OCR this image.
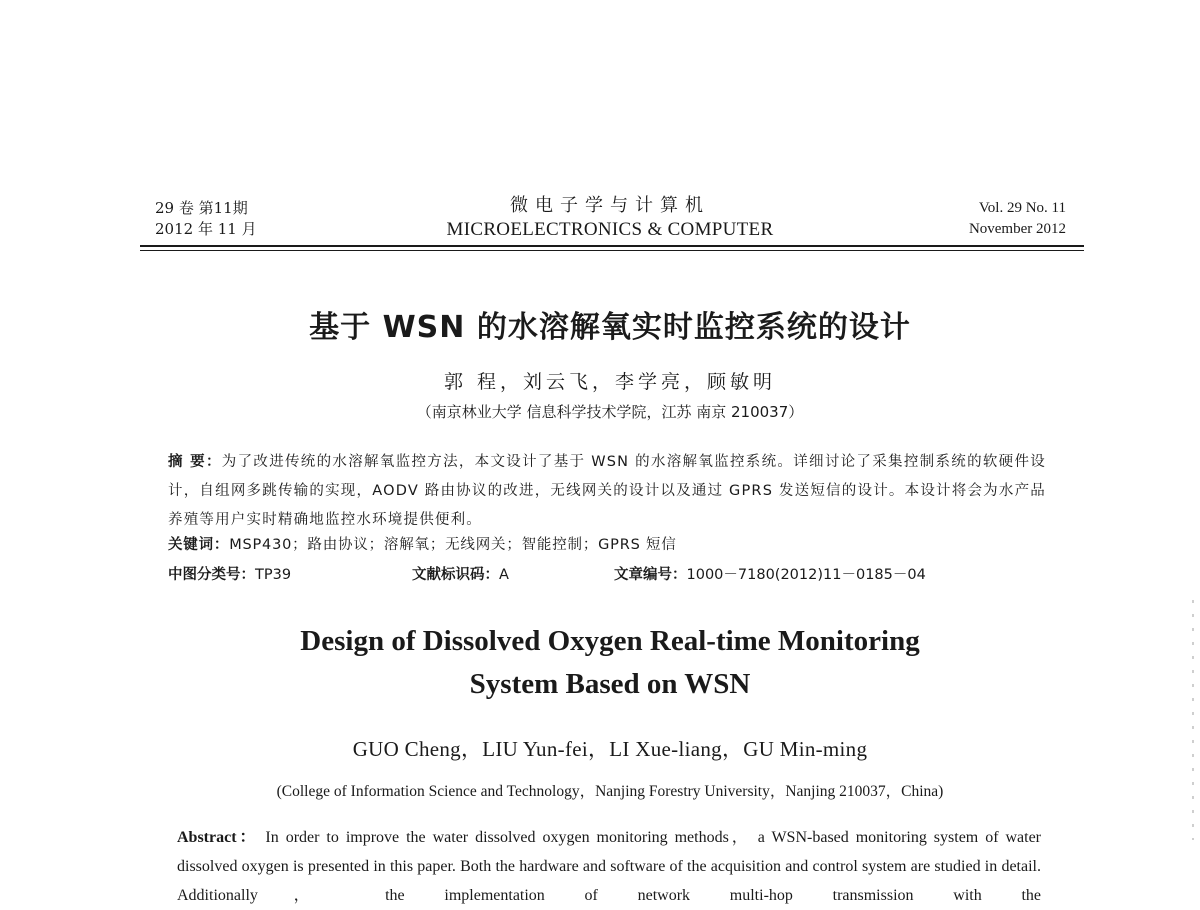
29 卷 第11期
2012 年 11 月
微电子学与计算机
MICROELECTRONICS & COMPUTER
Vol. 29 No. 11
November 2012
基于 WSN 的水溶解氧实时监控系统的设计
郭 程，刘云飞，李学亮，顾敏明
（南京林业大学 信息科学技术学院，江苏 南京 210037）
摘 要：为了改进传统的水溶解氧监控方法，本文设计了基于 WSN 的水溶解氧监控系统。详细讨论了采集控制系统的软硬件设计，自组网多跳传输的实现，AODV 路由协议的改进，无线网关的设计以及通过 GPRS 发送短信的设计。本设计将会为水产品养殖等用户实时精确地监控水环境提供便利。
关键词：MSP430；路由协议；溶解氧；无线网关；智能控制；GPRS 短信
中图分类号：TP39	文献标识码：A	文章编号：1000－7180(2012)11－0185－04
Design of Dissolved Oxygen Real-time Monitoring
System Based on WSN
GUO Cheng，LIU Yun-fei，LI Xue-liang，GU Min-ming
(College of Information Science and Technology，Nanjing Forestry University，Nanjing 210037，China)
Abstract： In order to improve the water dissolved oxygen monitoring methods， a WSN-based monitoring system of water dissolved oxygen is presented in this paper. Both the hardware and software of the acquisition and control system are studied in detail. Additionally， the implementation of network multi-hop transmission with the
